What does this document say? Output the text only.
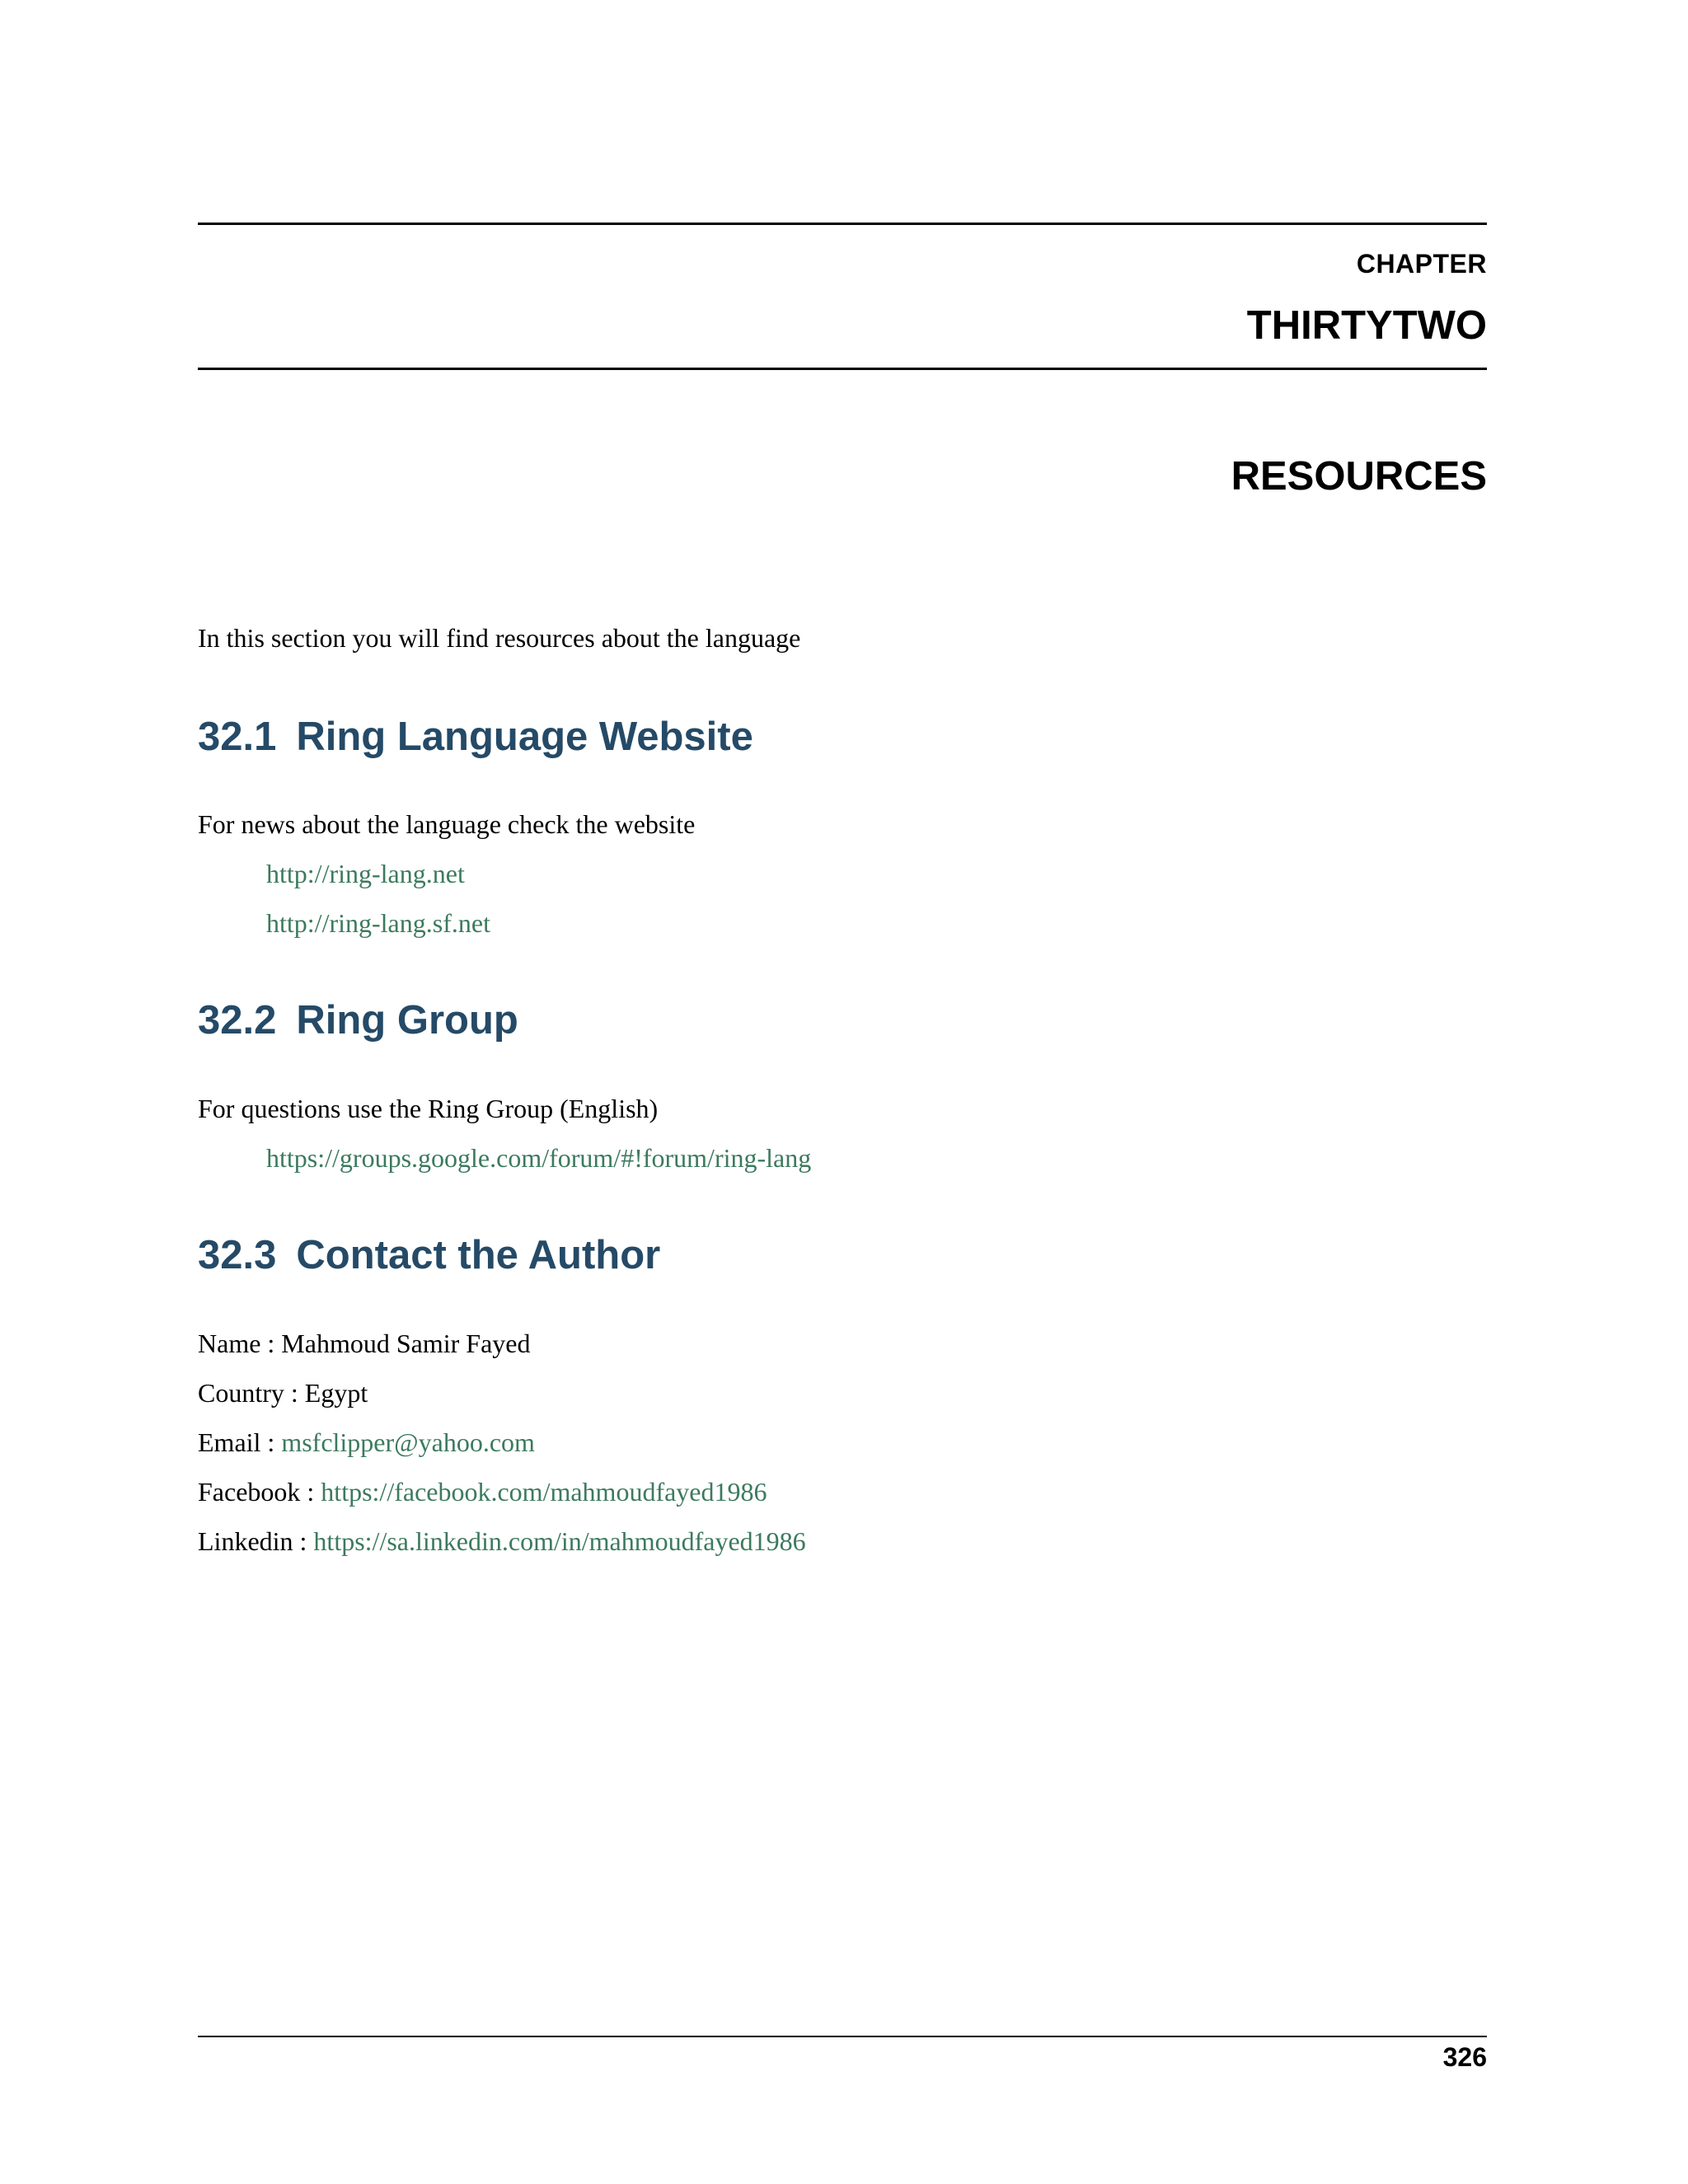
CHAPTER
THIRTYTWO
RESOURCES
In this section you will find resources about the language
32.1 Ring Language Website
For news about the language check the website
http://ring-lang.net
http://ring-lang.sf.net
32.2 Ring Group
For questions use the Ring Group (English)
https://groups.google.com/forum/#!forum/ring-lang
32.3 Contact the Author
Name : Mahmoud Samir Fayed
Country : Egypt
Email : msfclipper@yahoo.com
Facebook : https://facebook.com/mahmoudfayed1986
Linkedin : https://sa.linkedin.com/in/mahmoudfayed1986
326
